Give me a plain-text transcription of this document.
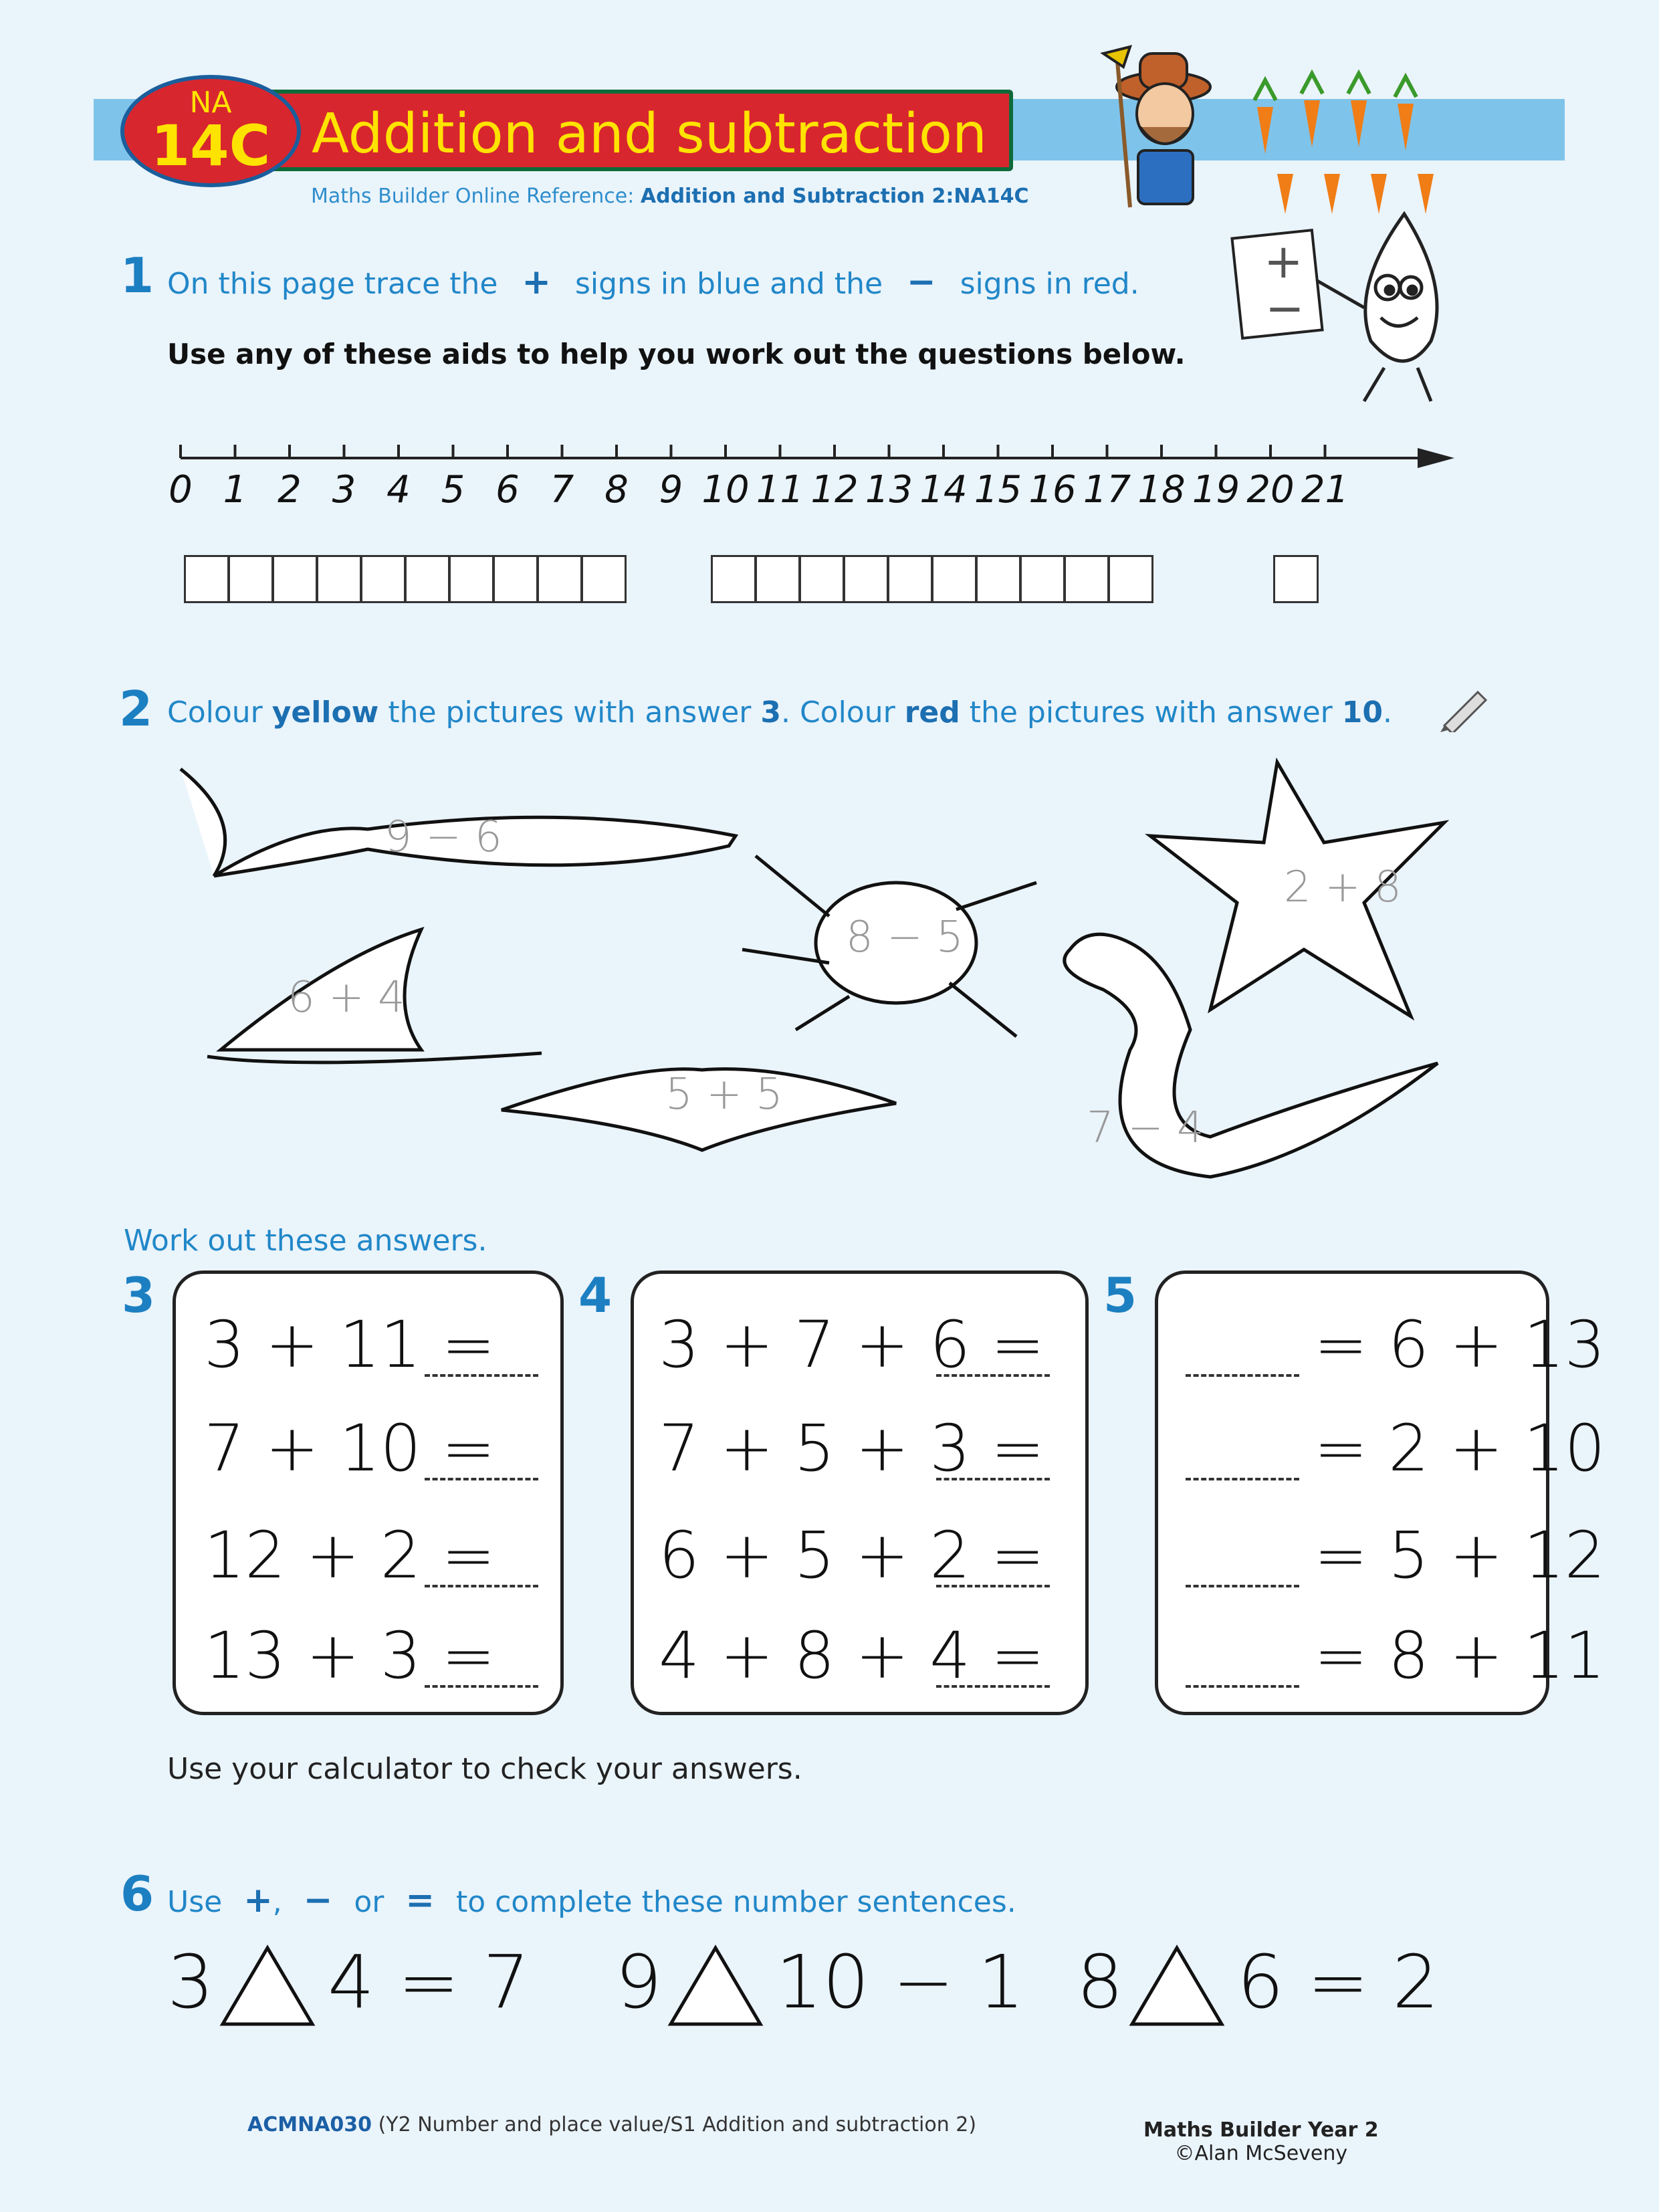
Addition and subtraction
NA
14C
Maths Builder Online Reference: Addition and Subtraction 2:NA14C
1 On this page trace the + signs in blue and the − signs in red.
Use any of these aids to help you work out the questions below.
+
−
0 1 2 3 4 5 6 7 8 9 10 11 12 13 14 15 16 17 18 19 20 21
2 Colour yellow the pictures with answer 3. Colour red the pictures with answer 10.
9 − 6
6 + 4
5 + 5
8 − 5
2 + 8
7 − 4
Work out these answers.
3	4	5
3 + 11 =
7 + 10 =
12 + 2 =
13 + 3 =
3 + 7 + 6 =
7 + 5 + 3 =
6 + 5 + 2 =
4 + 8 + 4 =
= 6 + 13
= 2 + 10
= 5 + 12
= 8 + 11
Use your calculator to check your answers.
6 Use +, − or = to complete these number sentences.
3 4 = 7 9 10 − 1 8 6 = 2
ACMNA030 (Y2 Number and place value/S1 Addition and subtraction 2)	Maths Builder Year 2
©Alan McSeveny
